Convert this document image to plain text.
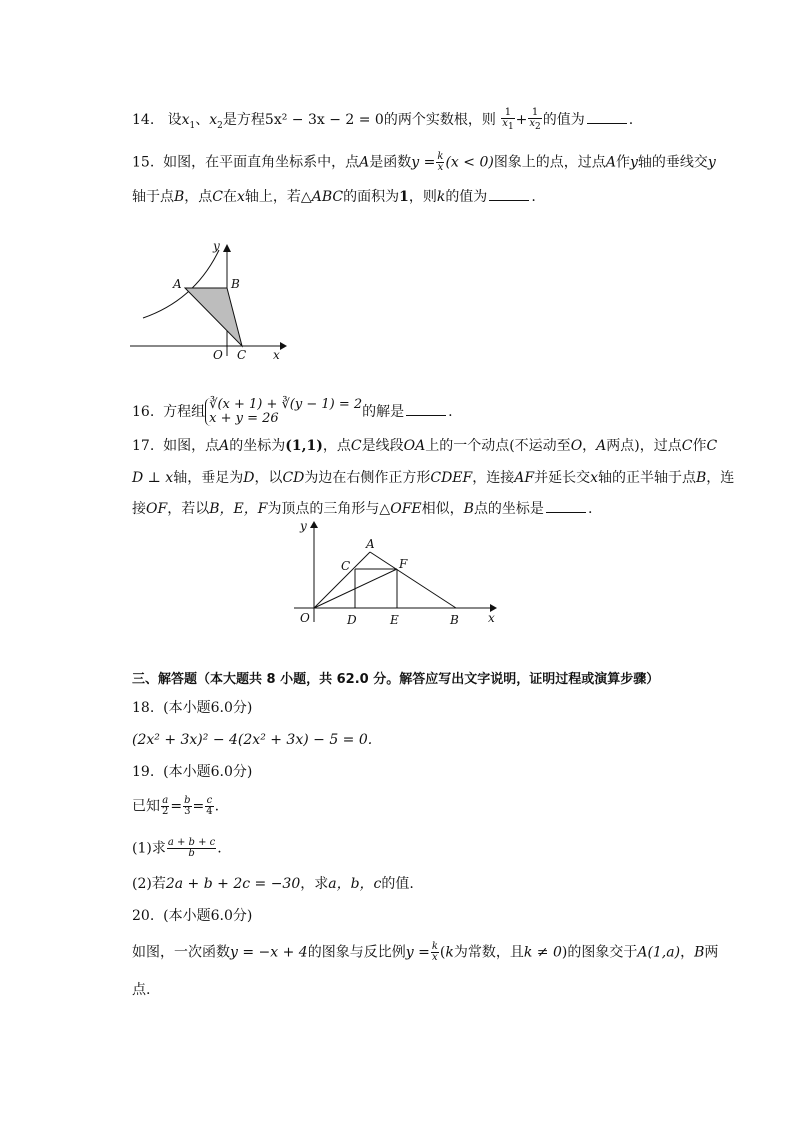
14. 设$x_1$、$x_2$是方程5x² − 3x − 2 = 0的两个实数根，则 $\frac{1}{x_1} + \frac{1}{x_2}$ 的值为	.
15. 如图，在平面直角坐标系中，点A是函数$y = \frac{k}{x} (x < 0)$图象上的点，过点A作y轴的垂线交y
轴于点B，点C在x轴上，若△ABC的面积为1，则k的值为	.
y
A	B
O C x
16. 方程组 ∛(x + 1) + ∛(y − 1) = 2
x + y = 26	的解是	.
17. 如图，点A的坐标为(1,1)，点C是线段OA上的一个动点(不运动至O，A两点)，过点C作C
D ⊥ x轴，垂足为D，以CD为边在右侧作正方形CDEF，连接AF并延长交x轴的正半轴于点B，连
接OF，若以B，E，F为顶点的三角形与△OFE相似，B点的坐标是	.
y
A
C	F
O	D	E	B x
三、解答题（本大题共 8 小题，共 62.0 分。解答应写出文字说明，证明过程或演算步骤）
18. (本小题6.0分)
(2x² + 3x)² − 4(2x² + 3x) − 5 = 0.
19. (本小题6.0分)
已知 $\frac{a}{2} = \frac{b}{3} = \frac{c}{4}$ .
(1)求 $\frac{a + b + c}{b}$ .
(2)若2a + b + 2c = −30，求a，b，c的值.
20. (本小题6.0分)
如图，一次函数y = −x + 4的图象与反比例$y = \frac{k}{x} (k$为常数，且k ≠ 0)的图象交于A(1,a)，B两
点.
